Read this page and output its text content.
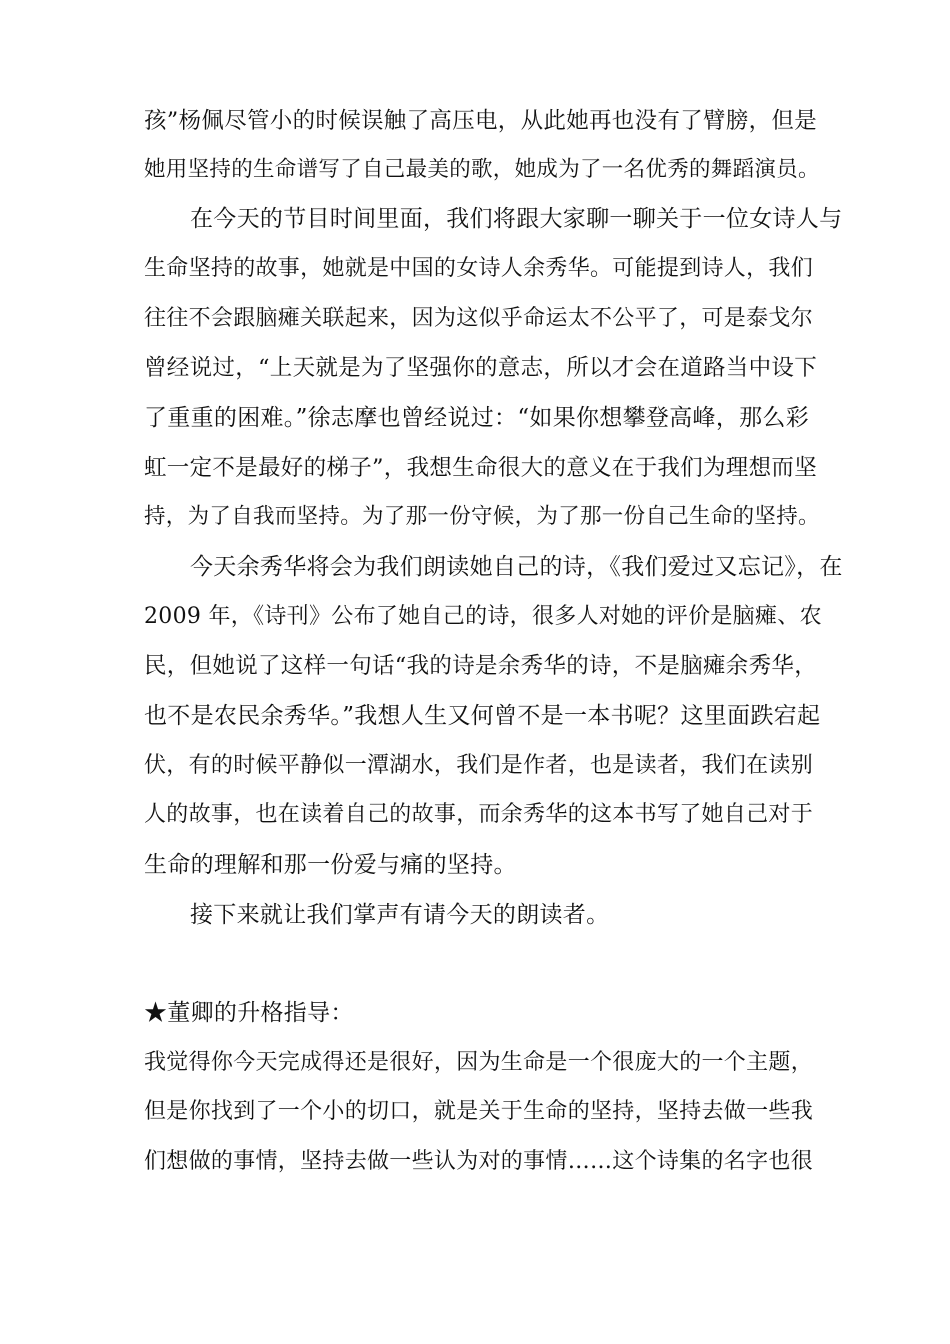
孩”杨佩尽管小的时候误触了高压电，从此她再也没有了臂膀，但是
她用坚持的生命谱写了自己最美的歌，她成为了一名优秀的舞蹈演员。
在今天的节目时间里面，我们将跟大家聊一聊关于一位女诗人与
生命坚持的故事，她就是中国的女诗人余秀华。可能提到诗人，我们
往往不会跟脑瘫关联起来，因为这似乎命运太不公平了，可是泰戈尔
曾经说过，“上天就是为了坚强你的意志，所以才会在道路当中设下
了重重的困难。”徐志摩也曾经说过：“如果你想攀登高峰，那么彩
虹一定不是最好的梯子”，我想生命很大的意义在于我们为理想而坚
持，为了自我而坚持。为了那一份守候，为了那一份自己生命的坚持。
今天余秀华将会为我们朗读她自己的诗，《我们爱过又忘记》，在
2009 年，《诗刊》公布了她自己的诗，很多人对她的评价是脑瘫、农
民，但她说了这样一句话“我的诗是余秀华的诗，不是脑瘫余秀华，
也不是农民余秀华。”我想人生又何曾不是一本书呢？这里面跌宕起
伏，有的时候平静似一潭湖水，我们是作者，也是读者，我们在读别
人的故事，也在读着自己的故事，而余秀华的这本书写了她自己对于
生命的理解和那一份爱与痛的坚持。
接下来就让我们掌声有请今天的朗读者。
★董卿的升格指导：
我觉得你今天完成得还是很好，因为生命是一个很庞大的一个主题，
但是你找到了一个小的切口，就是关于生命的坚持，坚持去做一些我
们想做的事情，坚持去做一些认为对的事情……这个诗集的名字也很
